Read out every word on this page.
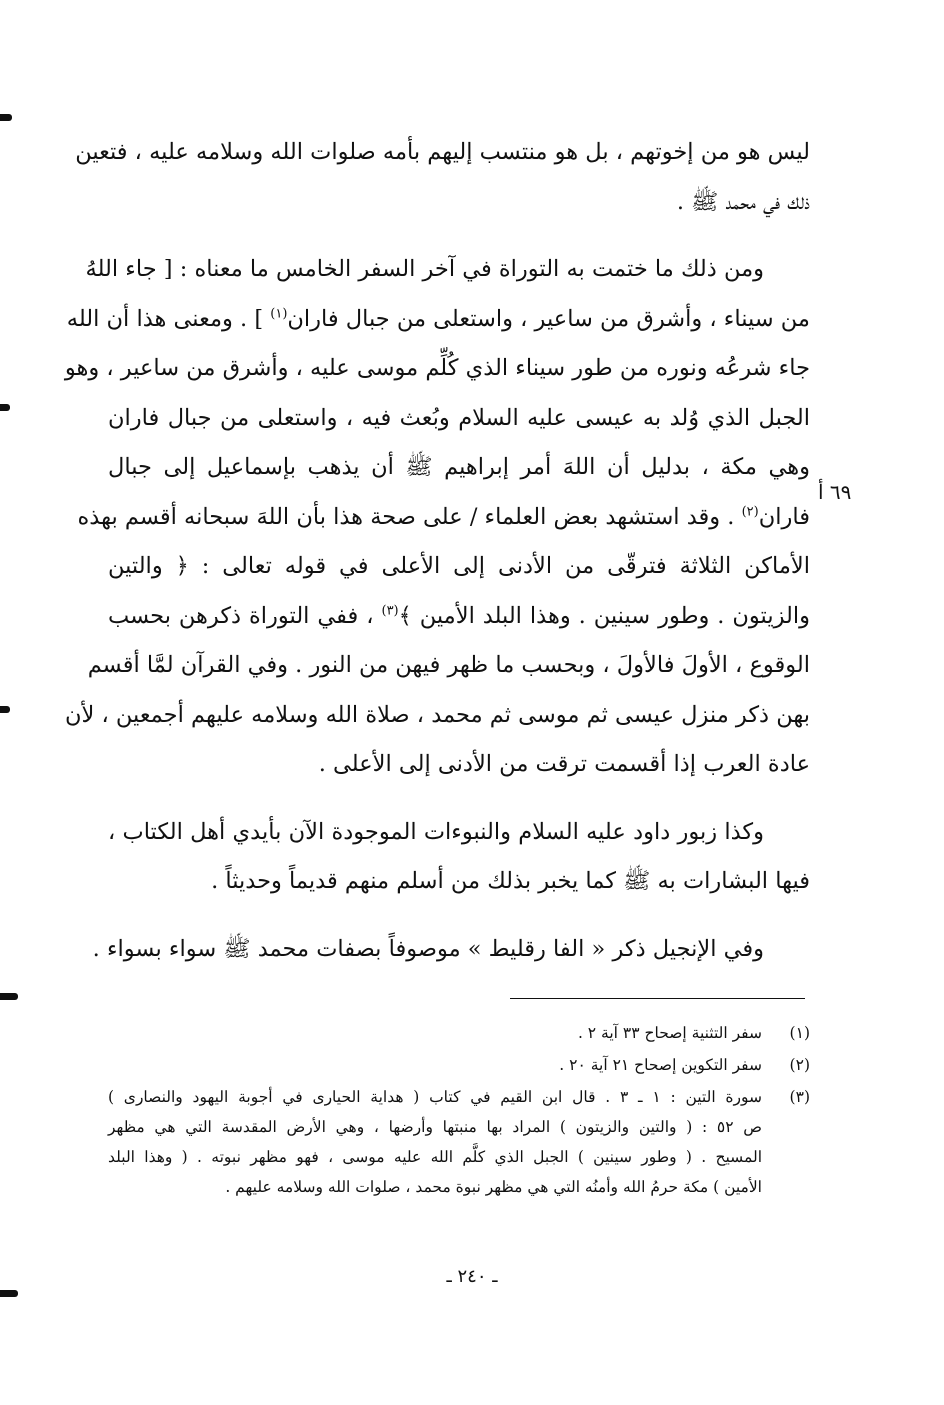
ليس هو من إخوتهم ، بل هو منتسب إليهم بأمه صلوات الله وسلامه عليه ، فتعين
ذلك في محمد ﷺ .

ومن ذلك ما ختمت به التوراة في آخر السفر الخامس ما معناه : [ جاء اللهُ
من سيناء ، وأشرق من ساعير ، واستعلى من جبال فاران$^{(١)}$ ] . ومعنى هذا أن الله
جاء شرعُه ونوره من طور سيناء الذي كُلِّم موسى عليه ، وأشرق من ساعير ، وهو
الجبل الذي وُلد به عيسى عليه السلام وبُعث فيه ، واستعلى من جبال فاران
وهي مكة ، بدليل أن اللهَ أمر إبراهيم ﷺ أن يذهب بإسماعيل إلى جبال
فاران$^{(٢)}$ . وقد استشهد بعض العلماء / على صحة هذا بأن اللهَ سبحانه أقسم بهذه
الأماكن الثلاثة فترقّى من الأدنى إلى الأعلى في قوله تعالى : ﴿ والتين
والزيتون . وطور سينين . وهذا البلد الأمين ﴾$^{(٣)}$ ، ففي التوراة ذكرهن بحسب
الوقوع ، الأولَ فالأولَ ، وبحسب ما ظهر فيهن من النور . وفي القرآن لمَّا أقسم
بهن ذكر منزل عيسى ثم موسى ثم محمد ، صلاة الله وسلامه عليهم أجمعين ، لأن
عادة العرب إذا أقسمت ترقت من الأدنى إلى الأعلى .

وكذا زبور داود عليه السلام والنبوءات الموجودة الآن بأيدي أهل الكتاب ،
فيها البشارات به ﷺ كما يخبر بذلك من أسلم منهم قديماً وحديثاً .

وفي الإنجيل ذكر « الفا رقليط » موصوفاً بصفات محمد ﷺ سواء بسواء .

٦٩ أ
(١)
سفر التثنية إصحاح ٣٣ آية ٢ .
(٢)
سفر التكوين إصحاح ٢١ آية ٢٠ .
(٣)
سورة التين : ١ ـ ٣ . قال ابن القيم في كتاب ( هداية الحيارى في أجوبة اليهود والنصارى )
ص ٥٢ : ( والتين والزيتون ) المراد بها منبتها وأرضها ، وهي الأرض المقدسة التي هي مظهر
المسيح . ( وطور سينين ) الجبل الذي كلَّم الله عليه موسى ، فهو مظهر نبوته . ( وهذا البلد
الأمين ) مكة حرمُ الله وأمنُه التي هي مظهر نبوة محمد ، صلوات الله وسلامه عليهم .
ـ ٢٤٠ ـ
